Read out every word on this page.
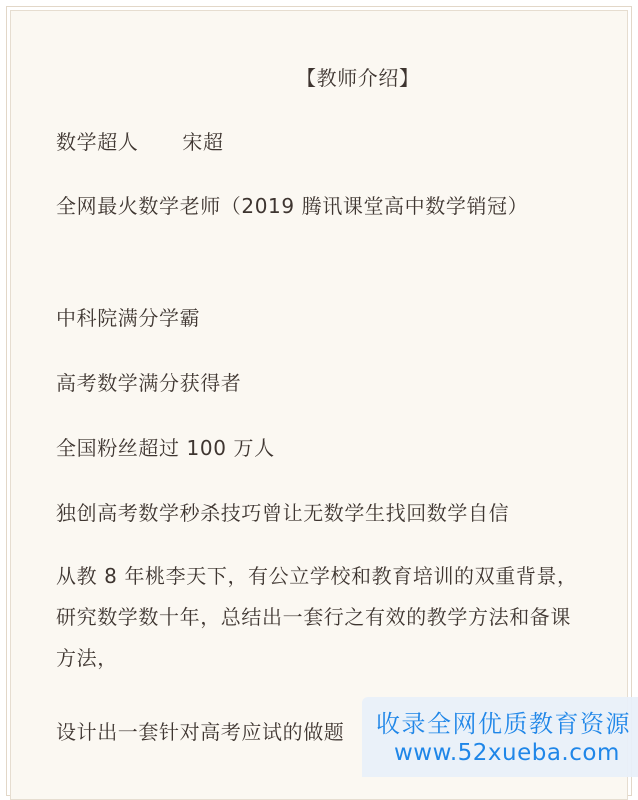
【教师介绍】
数学超人 宋超
全网最火数学老师（2019 腾讯课堂高中数学销冠）
中科院满分学霸
高考数学满分获得者
全国粉丝超过 100 万人
独创高考数学秒杀技巧曾让无数学生找回数学自信
从教 8 年桃李天下，有公立学校和教育培训的双重背景，研究数学数十年，总结出一套行之有效的教学方法和备课方法，
设计出一套针对高考应试的做题 收录全网优质教育资源
www.52xueba.com
